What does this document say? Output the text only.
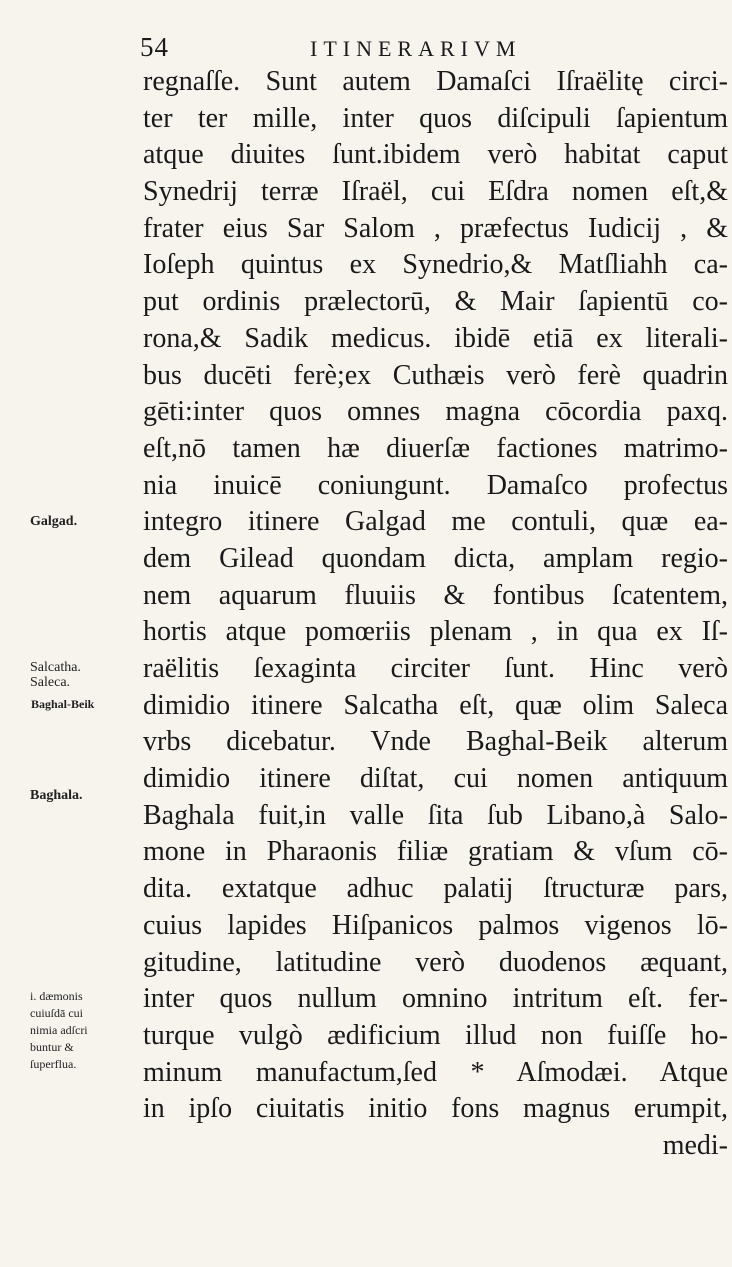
54	ITINERARIVM
regnaſſe. Sunt autem Damaſci Iſraëlitę circi-
ter ter mille, inter quos diſcipuli ſapientum
atque diuites ſunt.ibidem verò habitat caput
Synedrij terræ Iſraël, cui Eſdra nomen eſt,&
frater eius Sar Salom , præfectus Iudicij , &
Ioſeph quintus ex Synedrio,& Matſliahh ca-
put ordinis prælectorū, & Mair ſapientū co-
rona,& Sadik medicus. ibidē etiā ex literali-
bus ducēti ferè;ex Cuthæis verò ferè quadrin
gēti:inter quos omnes magna cōcordia paxq.
eſt,nō tamen hæ diuerſæ factiones matrimo-
nia inuicē coniungunt. Damaſco profectus
integro itinere Galgad me contuli, quæ ea-
dem Gilead quondam dicta, amplam regio-
nem aquarum fluuiis & fontibus ſcatentem,
hortis atque pomœriis plenam , in qua ex Iſ-
raëlitis ſexaginta circiter ſunt. Hinc verò
dimidio itinere Salcatha eſt, quæ olim Saleca
vrbs dicebatur. Vnde Baghal-Beik alterum
dimidio itinere diſtat, cui nomen antiquum
Baghala fuit,in valle ſita ſub Libano,à Salo-
mone in Pharaonis filiæ gratiam & vſum cō-
dita. extatque adhuc palatij ſtructuræ pars,
cuius lapides Hiſpanicos palmos vigenos lō-
gitudine, latitudine verò duodenos æquant,
inter quos nullum omnino intritum eſt. fer-
turque vulgò ædificium illud non fuiſſe ho-
minum manufactum,ſed * Aſmodæi. Atque
in ipſo ciuitatis initio fons magnus erumpit,
medi-
Galgad.
Salcatha.
Saleca.
Baghal-Beik
Baghala.
i. dæmonis
cuiuſdā cui
nimia adſcri
buntur &
ſuperflua.
